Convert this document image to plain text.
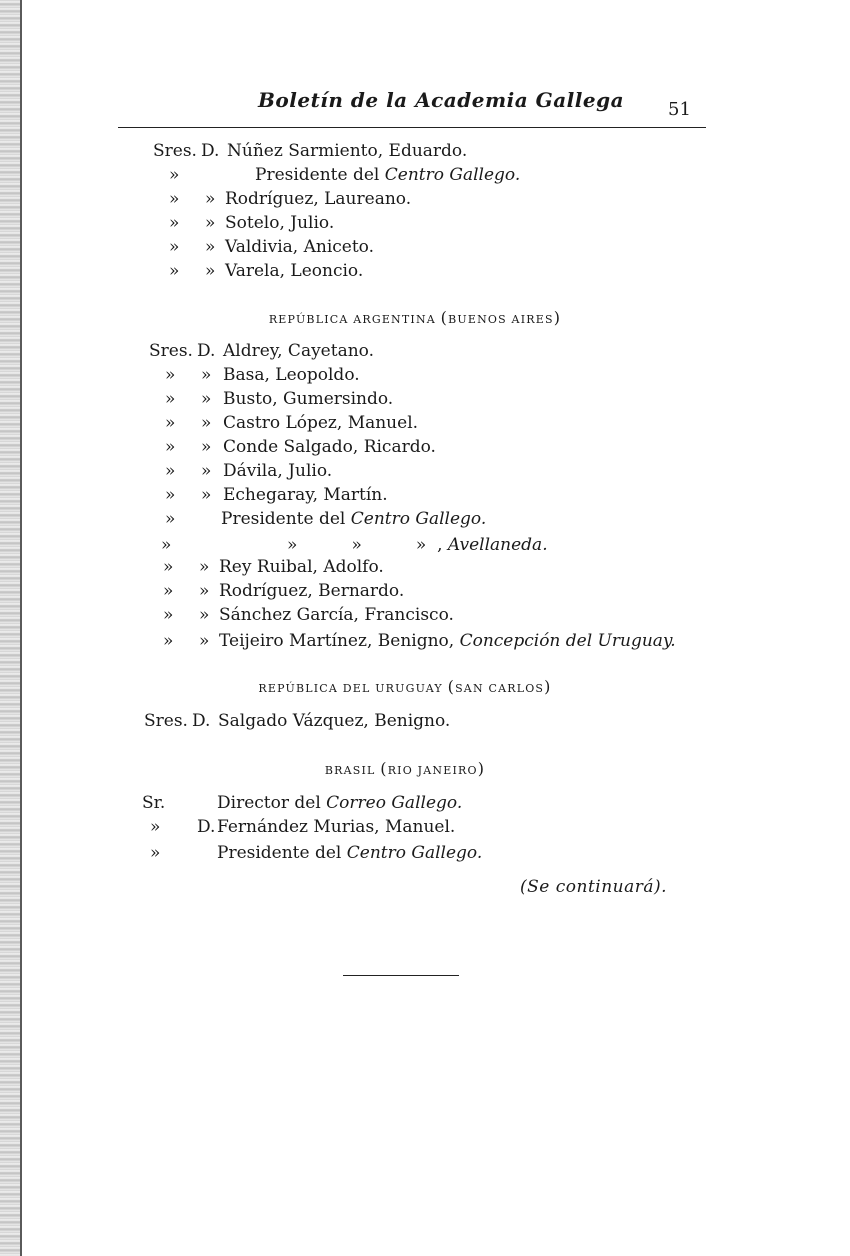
Boletín de la Academia Gallega 51
Sres. D. Núñez Sarmiento, Eduardo.
»	Presidente del Centro Gallego.
» » Rodríguez, Laureano.
» » Sotelo, Julio.
» » Valdivia, Aniceto.
» » Varela, Leoncio.
REPÚBLICA ARGENTINA (BUENOS AIRES)
Sres. D. Aldrey, Cayetano.
» » Basa, Leopoldo.
» » Busto, Gumersindo.
» » Castro López, Manuel.
» » Conde Salgado, Ricardo.
» » Dávila, Julio.
» » Echegaray, Martín.
»	Presidente del Centro Gallego.
»	»          »          »  , Avellaneda.
» » Rey Ruibal, Adolfo.
» » Rodríguez, Bernardo.
» » Sánchez García, Francisco.
» » Teijeiro Martínez, Benigno, Concepción del Uruguay.
REPÚBLICA DEL URUGUAY (SAN CARLOS)
Sres. D. Salgado Vázquez, Benigno.
BRASIL (RIO JANEIRO)
Sr.	Director del Correo Gallego.
» D. Fernández Murias, Manuel.
»	Presidente del Centro Gallego.
(Se continuará).
